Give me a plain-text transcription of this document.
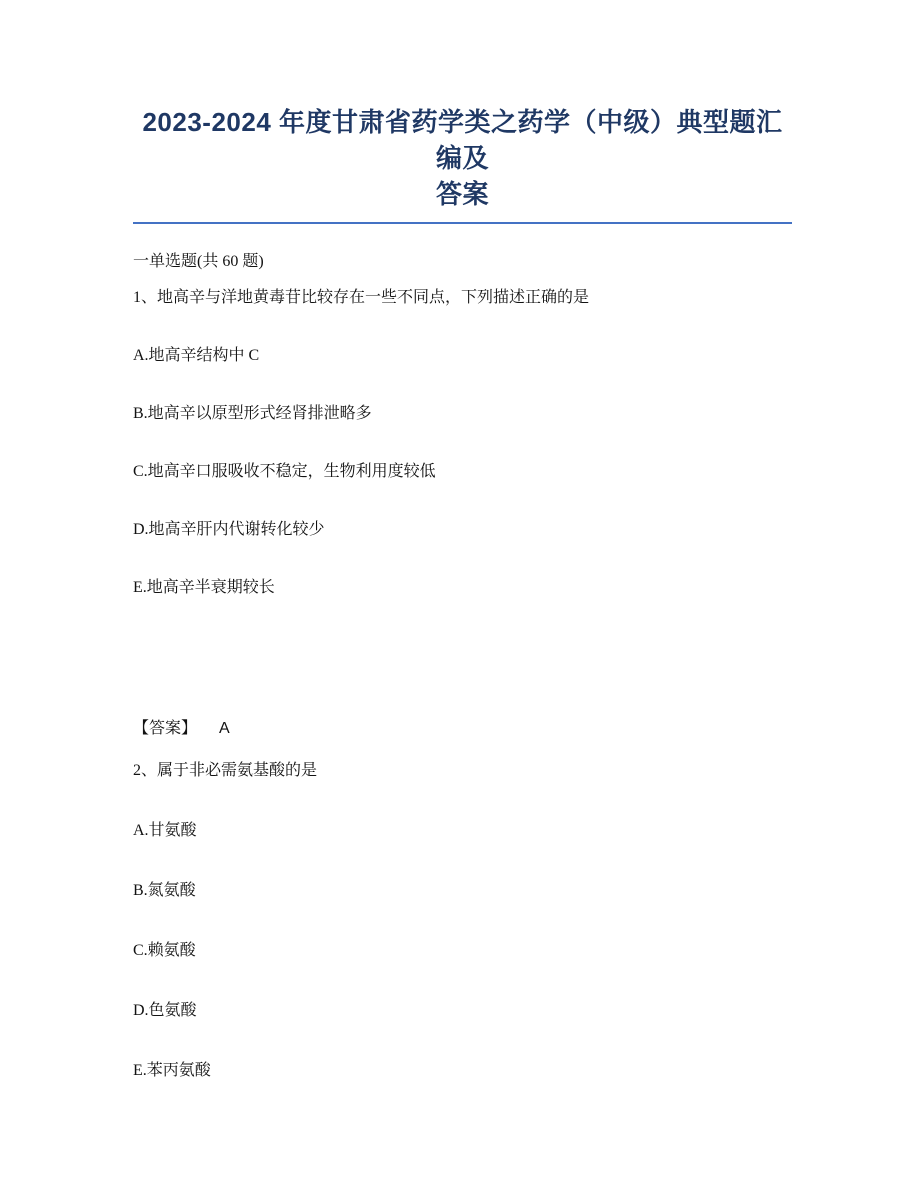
2023-2024 年度甘肃省药学类之药学（中级）典型题汇编及
答案

一单选题(共 60 题)

1、地高辛与洋地黄毒苷比较存在一些不同点，下列描述正确的是

A.地高辛结构中 C

B.地高辛以原型形式经肾排泄略多

C.地高辛口服吸收不稳定，生物利用度较低

D.地高辛肝内代谢转化较少

E.地高辛半衰期较长

【答案】 A

2、属于非必需氨基酸的是

A.甘氨酸

B.氮氨酸

C.赖氨酸

D.色氨酸

E.苯丙氨酸
